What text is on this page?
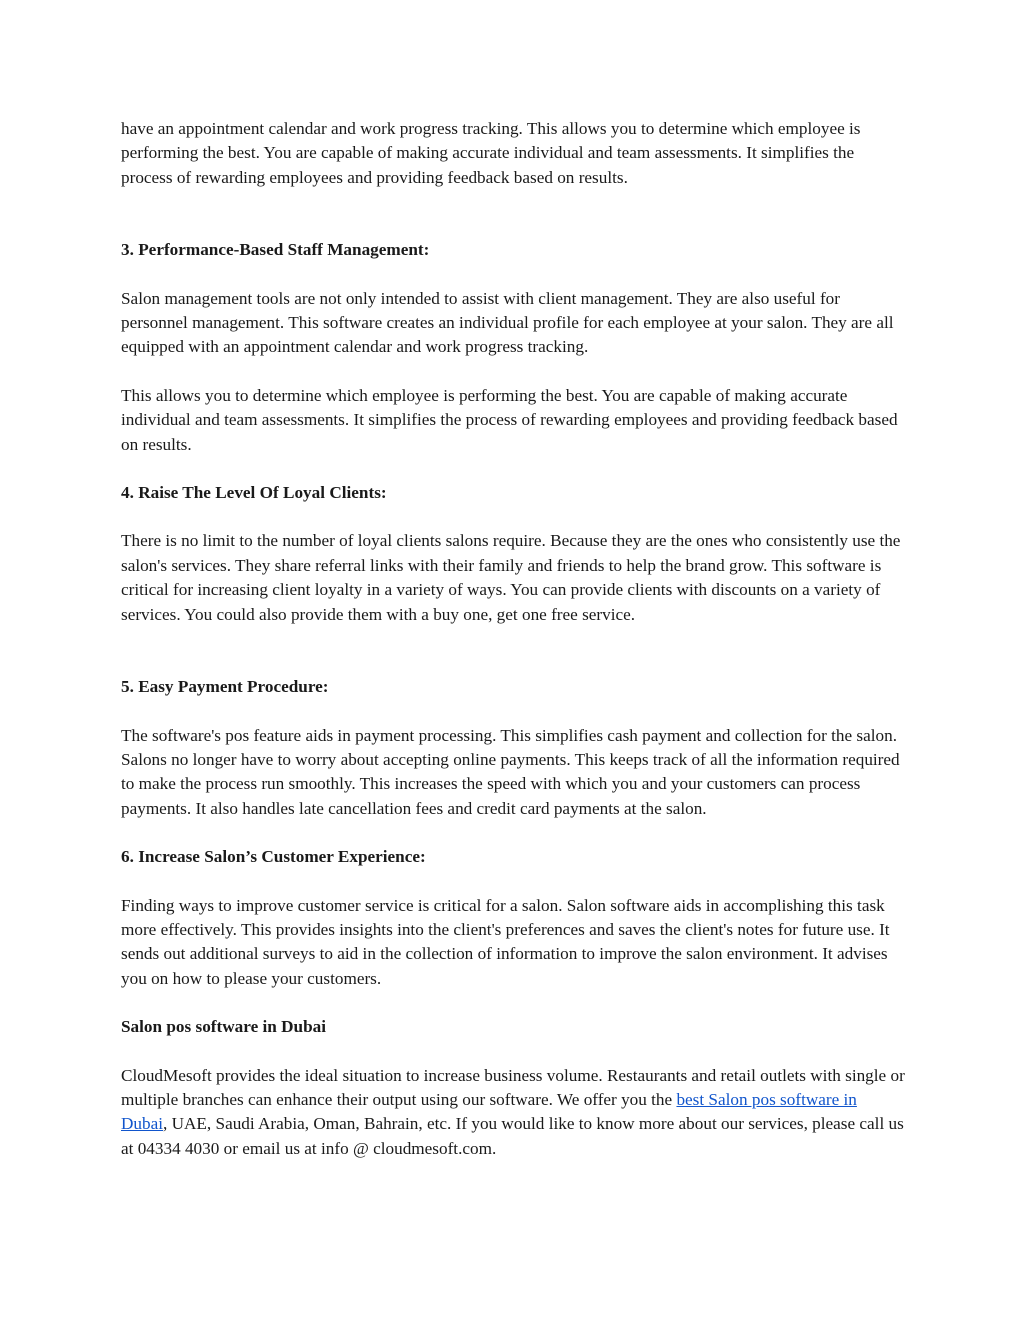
have an appointment calendar and work progress tracking. This allows you to determine which employee is performing the best. You are capable of making accurate individual and team assessments. It simplifies the process of rewarding employees and providing feedback based on results.

3. Performance-Based Staff Management:

Salon management tools are not only intended to assist with client management. They are also useful for personnel management. This software creates an individual profile for each employee at your salon. They are all equipped with an appointment calendar and work progress tracking.

This allows you to determine which employee is performing the best. You are capable of making accurate individual and team assessments. It simplifies the process of rewarding employees and providing feedback based on results.

4. Raise The Level Of Loyal Clients:

There is no limit to the number of loyal clients salons require. Because they are the ones who consistently use the salon's services. They share referral links with their family and friends to help the brand grow. This software is critical for increasing client loyalty in a variety of ways. You can provide clients with discounts on a variety of services. You could also provide them with a buy one, get one free service.

5. Easy Payment Procedure:

The software's pos feature aids in payment processing. This simplifies cash payment and collection for the salon. Salons no longer have to worry about accepting online payments. This keeps track of all the information required to make the process run smoothly. This increases the speed with which you and your customers can process payments. It also handles late cancellation fees and credit card payments at the salon.

6. Increase Salon’s Customer Experience:

Finding ways to improve customer service is critical for a salon. Salon software aids in accomplishing this task more effectively. This provides insights into the client's preferences and saves the client's notes for future use. It sends out additional surveys to aid in the collection of information to improve the salon environment. It advises you on how to please your customers.

Salon pos software in Dubai

CloudMesoft provides the ideal situation to increase business volume. Restaurants and retail outlets with single or multiple branches can enhance their output using our software. We offer you the best Salon pos software in Dubai, UAE, Saudi Arabia, Oman, Bahrain, etc. If you would like to know more about our services, please call us at 04334 4030 or email us at info @ cloudmesoft.com.
